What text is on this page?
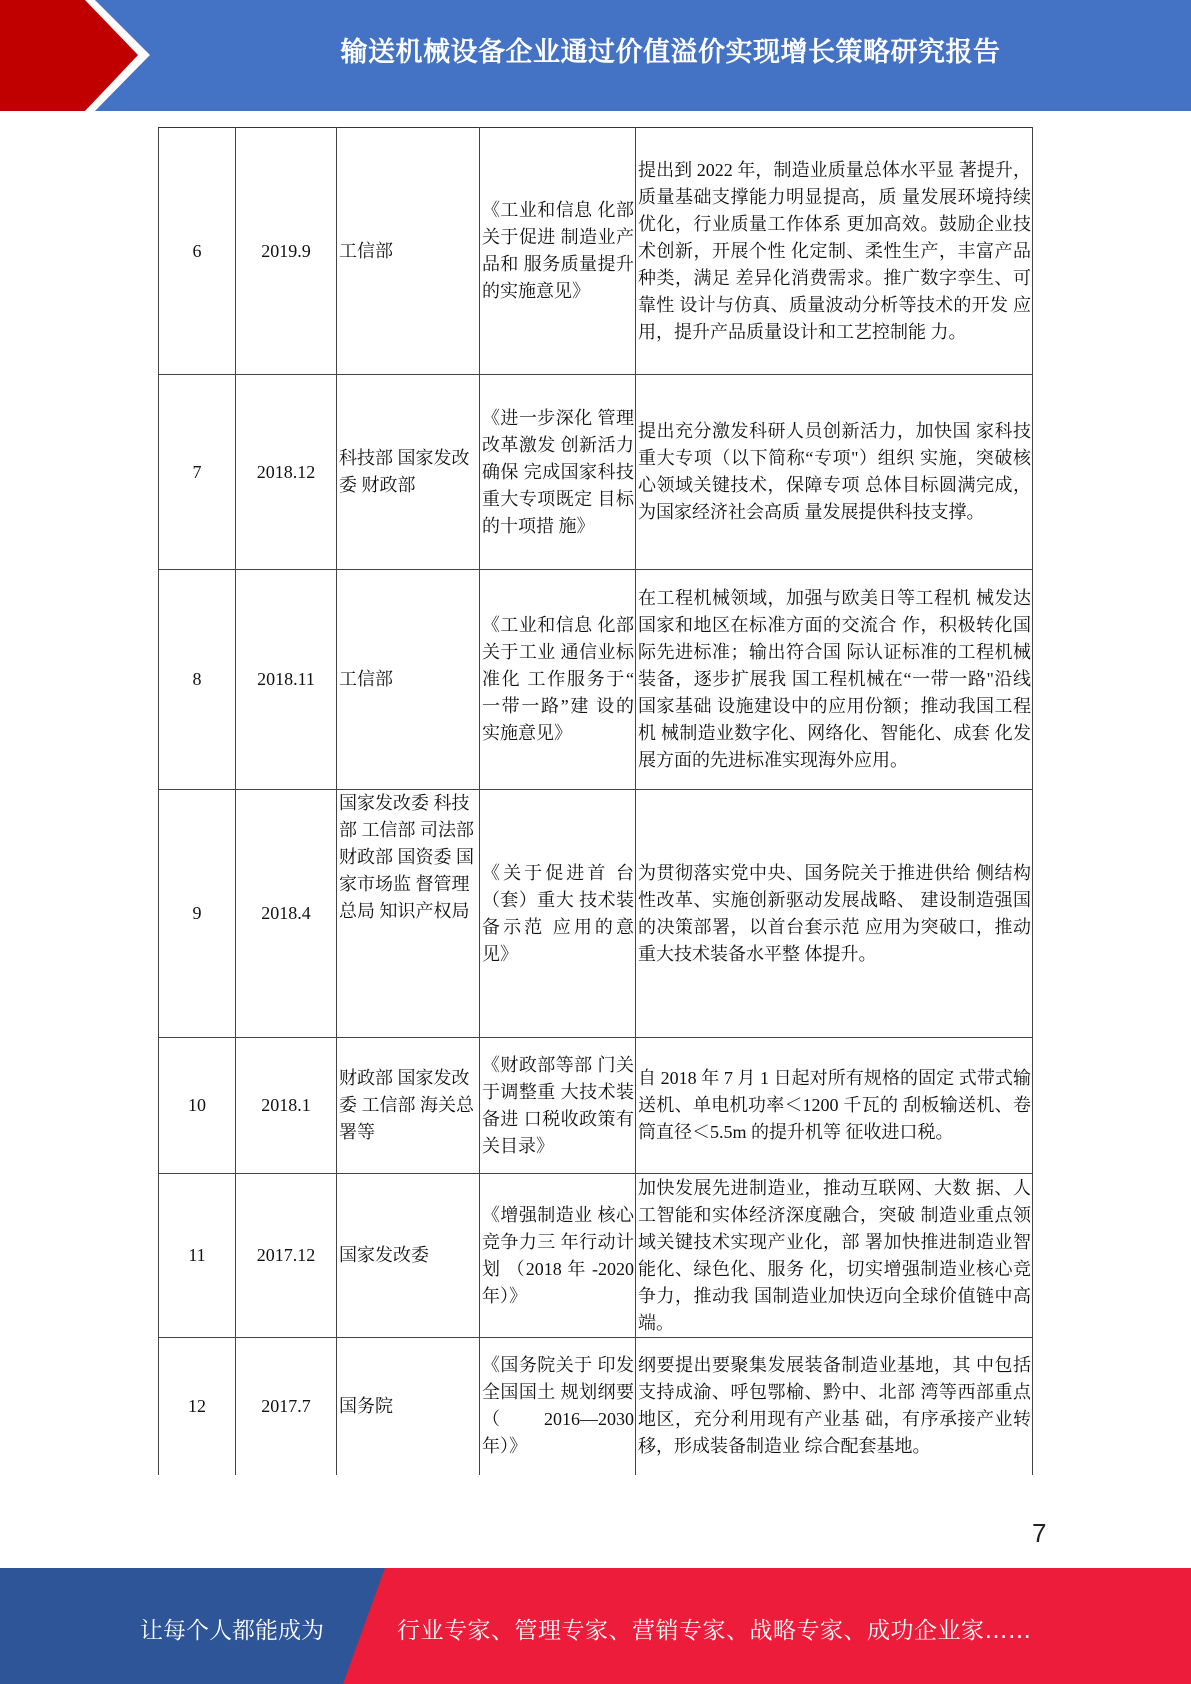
输送机械设备企业通过价值溢价实现增长策略研究报告
6	2019.9	工信部	《工业和信息 化部关于促进 制造业产品和 服务质量提升 的实施意见》	提出到 2022 年，制造业质量总体水平显 著提升，质量基础支撑能力明显提高，质 量发展环境持续优化，行业质量工作体系 更加高效。鼓励企业技术创新，开展个性 化定制、柔性生产，丰富产品种类，满足 差异化消费需求。推广数字孪生、可靠性 设计与仿真、质量波动分析等技术的开发 应用，提升产品质量设计和工艺控制能 力。
7	2018.12	科技部 国家发改委 财政部	《进一步深化 管理改革激发 创新活力确保 完成国家科技 重大专项既定 目标的十项措 施》	提出充分激发科研人员创新活力，加快国 家科技重大专项（以下简称“专项"）组织 实施，突破核心领域关键技术，保障专项 总体目标圆满完成，为国家经济社会高质 量发展提供科技支撑。
8	2018.11	工信部	《工业和信息 化部关于工业 通信业标准化 工作服务于“ 一带一路”建 设的实施意见》	在工程机械领域，加强与欧美日等工程机 械发达国家和地区在标准方面的交流合 作，积极转化国际先进标准；输出符合国 际认证标准的工程机械装备，逐步扩展我 国工程机械在“一带一路"沿线国家基础 设施建设中的应用份额；推动我国工程机 械制造业数字化、网络化、智能化、成套 化发展方面的先进标准实现海外应用。
9	2018.4	国家发改委 科技部 工信部 司法部 财政部 国资委 国家市场监 督管理总局 知识产权局	《关于促进首 台（套）重大 技术装备示范 应用的意见》	为贯彻落实党中央、国务院关于推进供给 侧结构性改革、实施创新驱动发展战略、 建设制造强国的决策部署，以首台套示范 应用为突破口，推动重大技术装备水平整 体提升。
10	2018.1	财政部 国家发改委 工信部 海关总署等	《财政部等部 门关于调整重 大技术装备进 口税收政策有 关目录》	自 2018 年 7 月 1 日起对所有规格的固定 式带式输送机、单电机功率＜1200 千瓦的 刮板输送机、卷筒直径＜5.5m 的提升机等 征收进口税。
11	2017.12	国家发改委	《增强制造业 核心竞争力三 年行动计划 （2018 年 -2020 年）》	加快发展先进制造业，推动互联网、大数 据、人工智能和实体经济深度融合，突破 制造业重点领域关键技术实现产业化，部 署加快推进制造业智能化、绿色化、服务 化，切实增强制造业核心竞争力，推动我 国制造业加快迈向全球价值链中高端。
12	2017.7	国务院	《国务院关于 印发全国国土 规划纲要 （ 2016—2030 年）》	纲要提出要聚集发展装备制造业基地，其 中包括支持成渝、呼包鄂榆、黔中、北部 湾等西部重点地区，充分利用现有产业基 础，有序承接产业转移，形成装备制造业 综合配套基地。
7
让每个人都能成为	行业专家、管理专家、营销专家、战略专家、成功企业家……
